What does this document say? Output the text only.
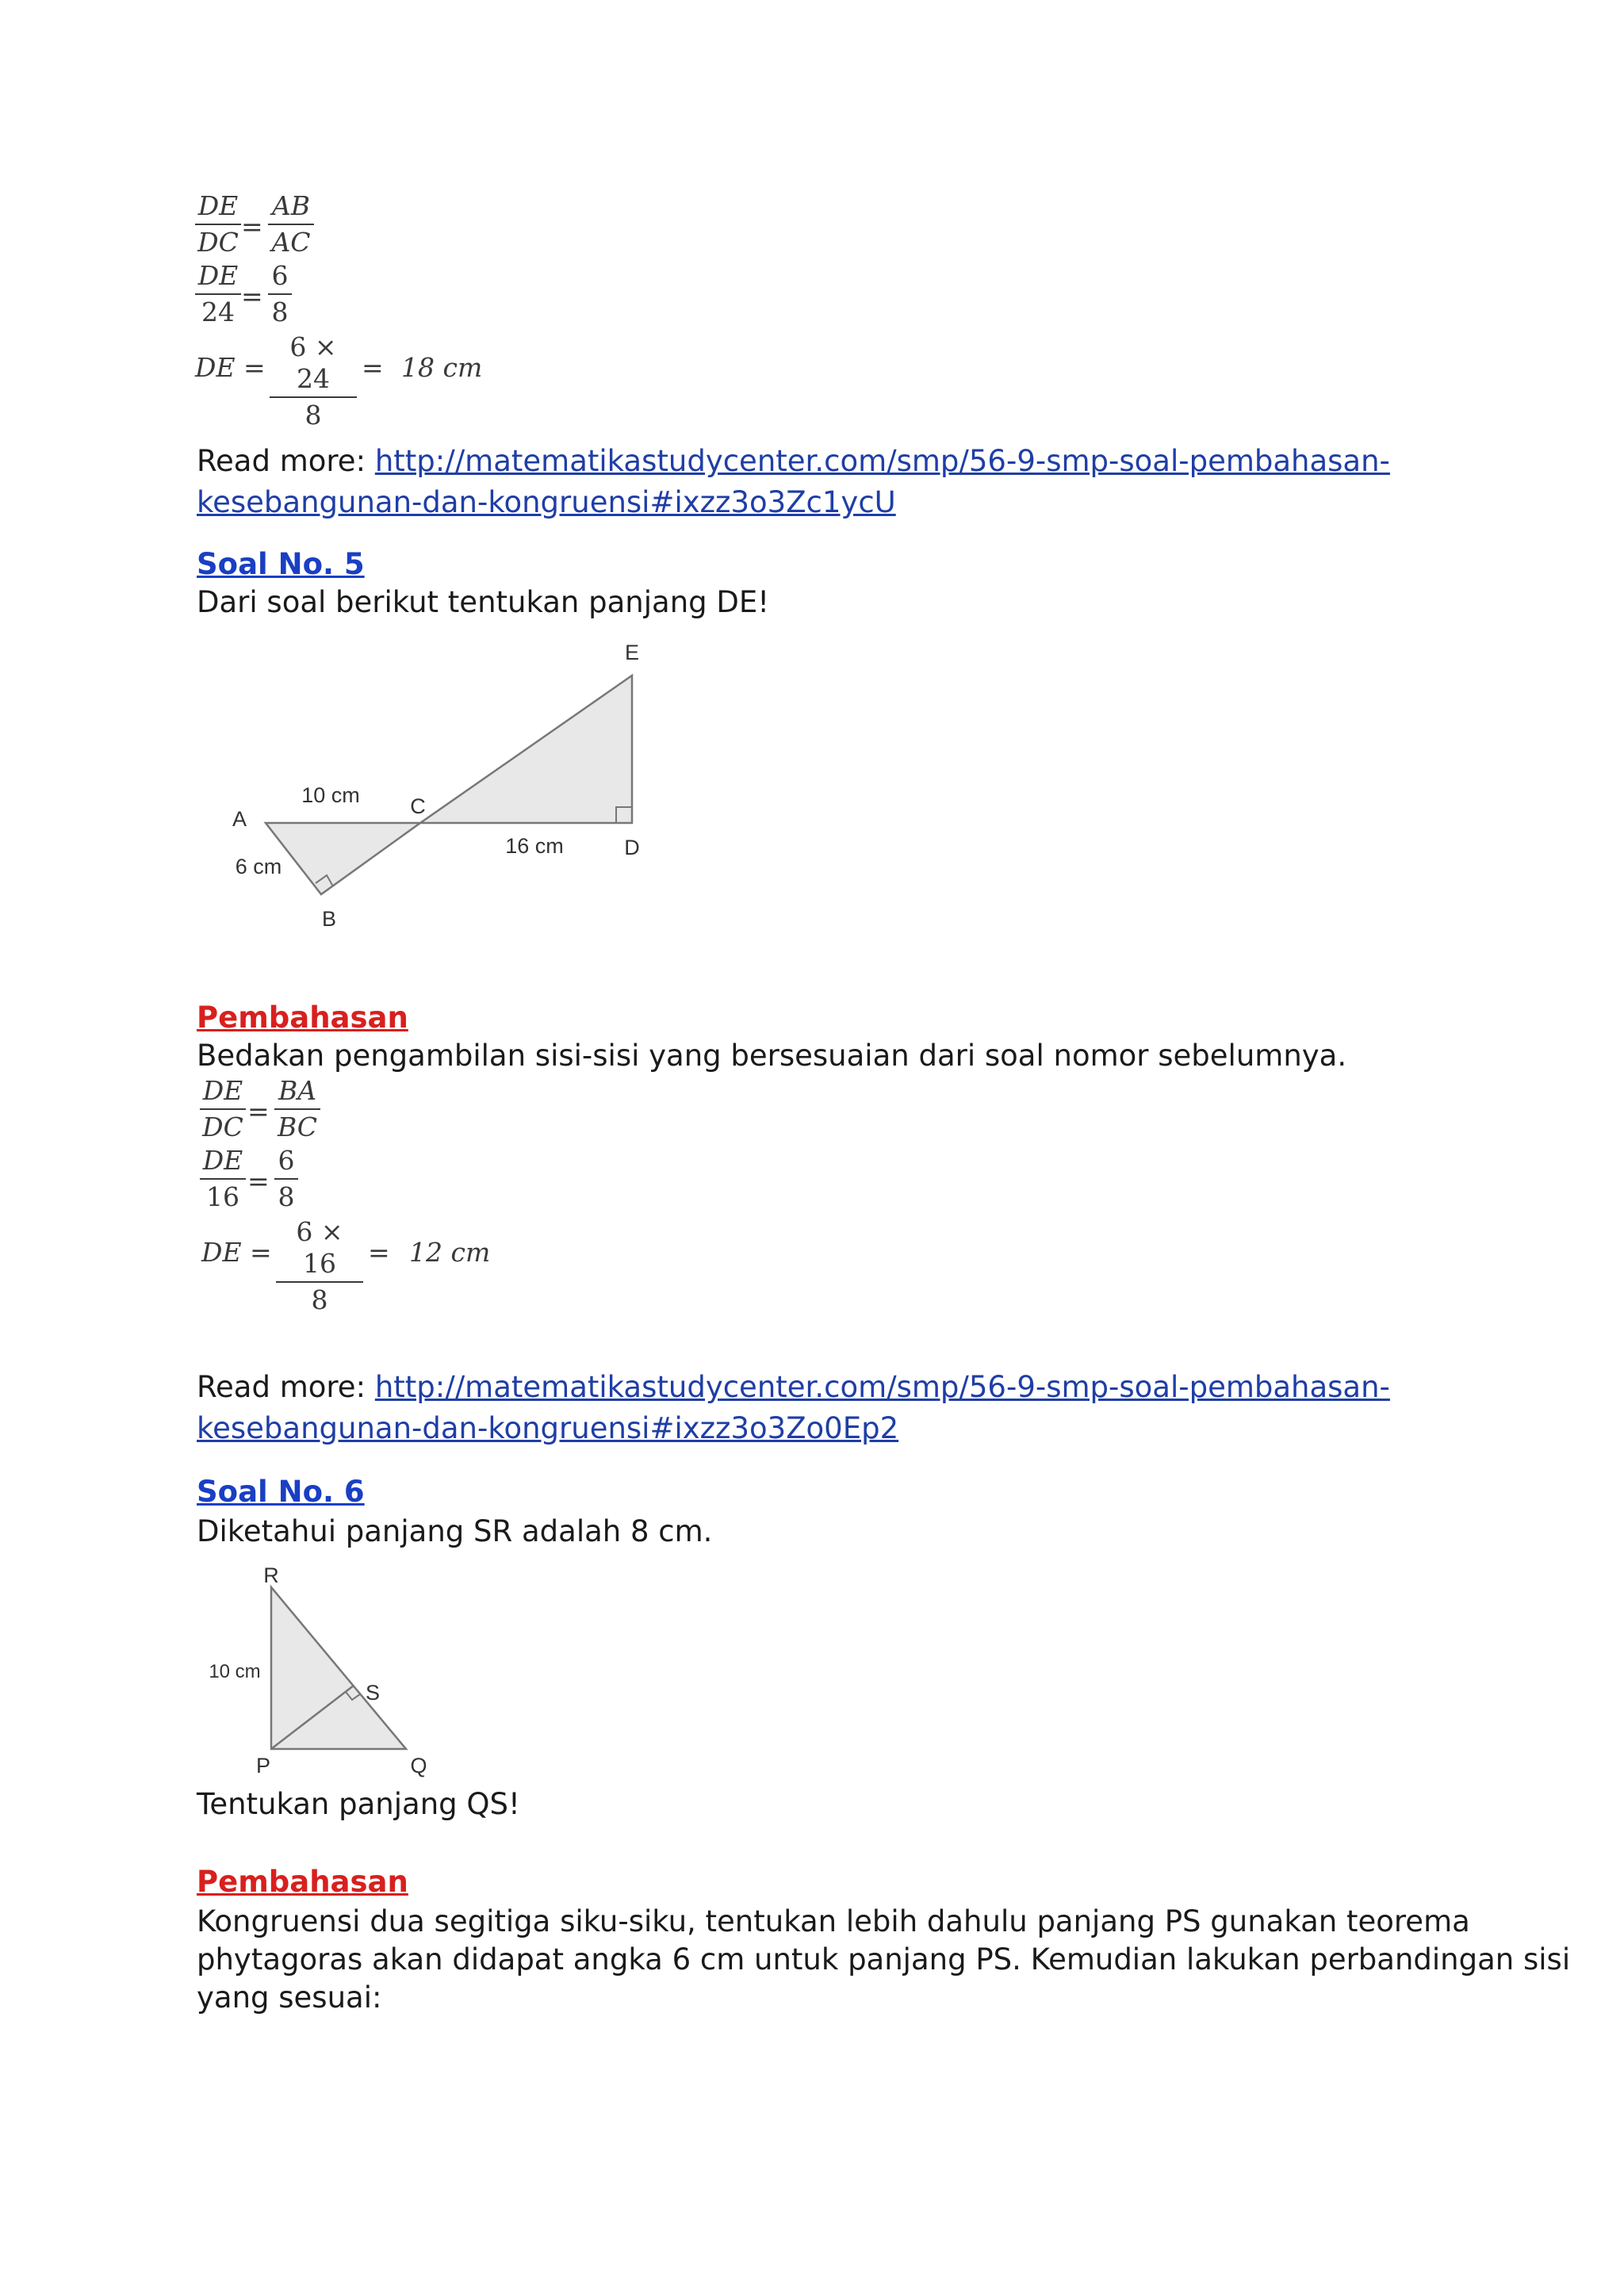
DE
DC
=
AB
AC
DE
24
=
6
8
DE =
6 × 24
8
= 18 cm
Read more: http://matematikastudycenter.com/smp/56-9-smp-soal-pembahasan-
kesebangunan-dan-kongruensi#ixzz3o3Zc1ycU
Soal No. 5
Dari soal berikut tentukan panjang DE!
E
A
C
D
B
10 cm
6 cm
16 cm
Pembahasan
Bedakan pengambilan sisi-sisi yang bersesuaian dari soal nomor sebelumnya.
DE
DC
=
BA
BC
DE
16
=
6
8
DE =
6 × 16
8
= 12 cm
Read more: http://matematikastudycenter.com/smp/56-9-smp-soal-pembahasan-
kesebangunan-dan-kongruensi#ixzz3o3Zo0Ep2
Soal No. 6
Diketahui panjang SR adalah 8 cm.
R
S
P	Q
10 cm
Tentukan panjang QS!
Pembahasan
Kongruensi dua segitiga siku-siku, tentukan lebih dahulu panjang PS gunakan teorema
phytagoras akan didapat angka 6 cm untuk panjang PS. Kemudian lakukan perbandingan sisi
yang sesuai:
